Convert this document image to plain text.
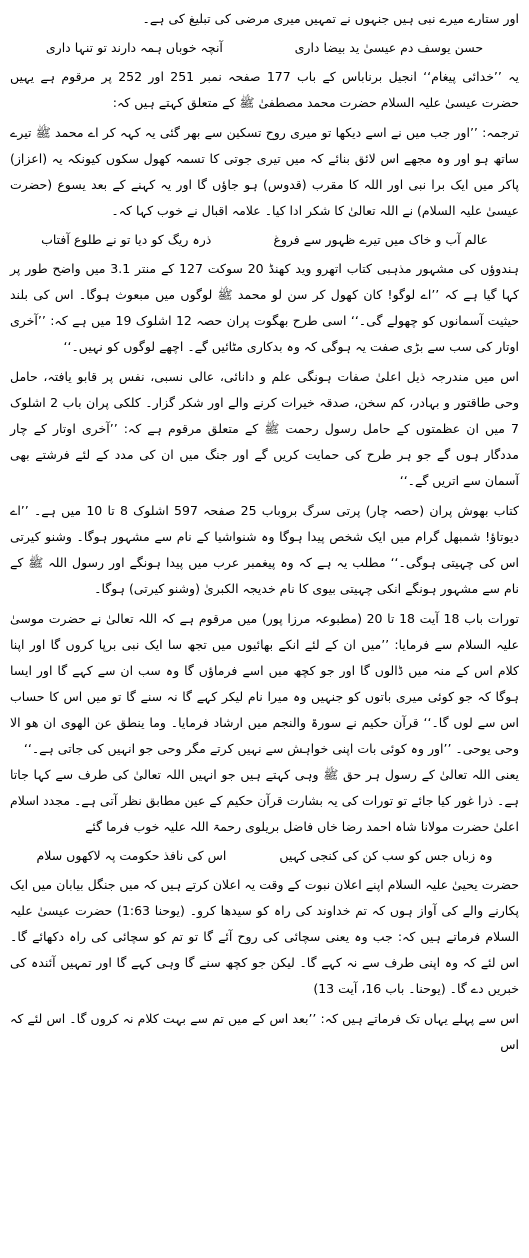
اور ستارے میرے نبی ہیں جنہوں نے تمہیں میری مرضی کی تبلیغ کی ہے۔

حسن یوسف دم عیسیٰ ید بیضا داری
آنچہ خوباں ہمہ دارند تو تنہا داری

یہ ’’خدائی پیغام‘‘ انجیل برناباس کے باب 177 صفحہ نمبر 251 اور 252 پر مرقوم ہے یہیں حضرت عیسیٰ علیہ السلام حضرت محمد مصطفیٰ ﷺ کے متعلق کہتے ہیں کہ:

ترجمہ: ’’اور جب میں نے اسے دیکھا تو میری روح تسکین سے بھر گئی یہ کہہ کر اے محمد ﷺ تیرے ساتھ ہو اور وہ مجھے اس لائق بنائے کہ میں تیری جوتی کا تسمہ کھول سکوں کیونکہ یہ (اعزاز) پاکر میں ایک برا نبی اور اللہ کا مقرب (قدوس) ہو جاؤں گا اور یہ کہنے کے بعد یسوع (حضرت عیسیٰ علیہ السلام) نے اللہ تعالیٰ کا شکر ادا کیا۔ علامہ اقبال نے خوب کہا کہ۔

عالم آب و خاک میں تیرے ظہور سے فروغ
ذرہ ریگ کو دیا تو نے طلوع آفتاب

ہندوؤں کی مشہور مذہبی کتاب اتھرو وید کھنڈ 20 سوکت 127 کے منتر 3.1 میں واضح طور پر کہا گیا ہے کہ ’’اے لوگو! کان کھول کر سن لو محمد ﷺ لوگوں میں مبعوث ہوگا۔ اس کی بلند حیثیت آسمانوں کو چھولے گی۔‘‘ اسی طرح بھگوت پران حصہ 12 اشلوک 19 میں ہے کہ: ’’آخری اوتار کی سب سے بڑی صفت یہ ہوگی کہ وہ بدکاری مٹائیں گے۔ اچھے لوگوں کو نہیں۔‘‘

اس میں مندرجہ ذیل اعلیٰ صفات ہونگی علم و دانائی، عالی نسبی، نفس پر قابو یافتہ، حامل وحی طاقتور و بہادر، کم سخن، صدقہ خیرات کرنے والے اور شکر گزار۔ کلکی پران باب 2 اشلوک 7 میں ان عظمتوں کے حامل رسول رحمت ﷺ کے متعلق مرقوم ہے کہ: ’’آخری اوتار کے چار مددگار ہوں گے جو ہر طرح کی حمایت کریں گے اور جنگ میں ان کی مدد کے لئے فرشتے بھی آسمان سے اتریں گے۔‘‘

کتاب بھوش پران (حصہ چار) پرتی سرگ بروباب 25 صفحہ 597 اشلوک 8 تا 10 میں ہے۔ ’’اے دیوتاؤ! شمبھل گرام میں ایک شخص پیدا ہوگا وہ شنواشیا کے نام سے مشہور ہوگا۔ وشنو کیرتی اس کی چہیتی ہوگی۔‘‘ مطلب یہ ہے کہ وہ پیغمبر عرب میں پیدا ہونگے اور رسول اللہ ﷺ کے نام سے مشہور ہونگے انکی چہیتی بیوی کا نام خدیجہ الکبریٰ (وشنو کیرتی) ہوگا۔

تورات باب 18 آیت 18 تا 20 (مطبوعہ مرزا پور) میں مرقوم ہے کہ اللہ تعالیٰ نے حضرت موسیٰ علیہ السلام سے فرمایا: ’’میں ان کے لئے انکے بھائیوں میں تجھ سا ایک نبی برپا کروں گا اور اپنا کلام اس کے منہ میں ڈالوں گا اور جو کچھ میں اسے فرماؤں گا وہ سب ان سے کہے گا اور ایسا ہوگا کہ جو کوئی میری باتوں کو جنہیں وہ میرا نام لیکر کہے گا نہ سنے گا تو میں اس کا حساب اس سے لوں گا۔‘‘ قرآن حکیم نے سورۃ والنجم میں ارشاد فرمایا۔ وما ینطق عن الھوی ان ھو الا وحی یوحی۔ ’’اور وہ کوئی بات اپنی خواہش سے نہیں کرتے مگر وحی جو انہیں کی جاتی ہے۔‘‘

یعنی اللہ تعالیٰ کے رسول ہر حق ﷺ وہی کہتے ہیں جو انہیں اللہ تعالیٰ کی طرف سے کہا جاتا ہے۔ ذرا غور کیا جائے تو تورات کی یہ بشارت قرآن حکیم کے عین مطابق نظر آتی ہے۔ مجدد اسلام اعلیٰ حضرت مولانا شاہ احمد رضا خاں فاضل بریلوی رحمۃ اللہ علیہ خوب فرما گئے

وہ زباں جس کو سب کن کی کنجی کہیں
اس کی نافذ حکومت پہ لاکھوں سلام

حضرت یحییٰ علیہ السلام اپنے اعلان نبوت کے وقت یہ اعلان کرتے ہیں کہ میں جنگل بیابان میں ایک پکارنے والے کی آواز ہوں کہ تم خداوند کی راہ کو سیدھا کرو۔ (یوحنا 1:63) حضرت عیسیٰ علیہ السلام فرماتے ہیں کہ: جب وہ یعنی سچائی کی روح آئے گا تو تم کو سچائی کی راہ دکھائے گا۔ اس لئے کہ وہ اپنی طرف سے نہ کہے گا۔ لیکن جو کچھ سنے گا وہی کہے گا اور تمہیں آئندہ کی خبریں دے گا۔ (یوحنا۔ باب 16، آیت 13)

اس سے پہلے یہاں تک فرماتے ہیں کہ: ’’بعد اس کے میں تم سے بہت کلام نہ کروں گا۔ اس لئے کہ اس
